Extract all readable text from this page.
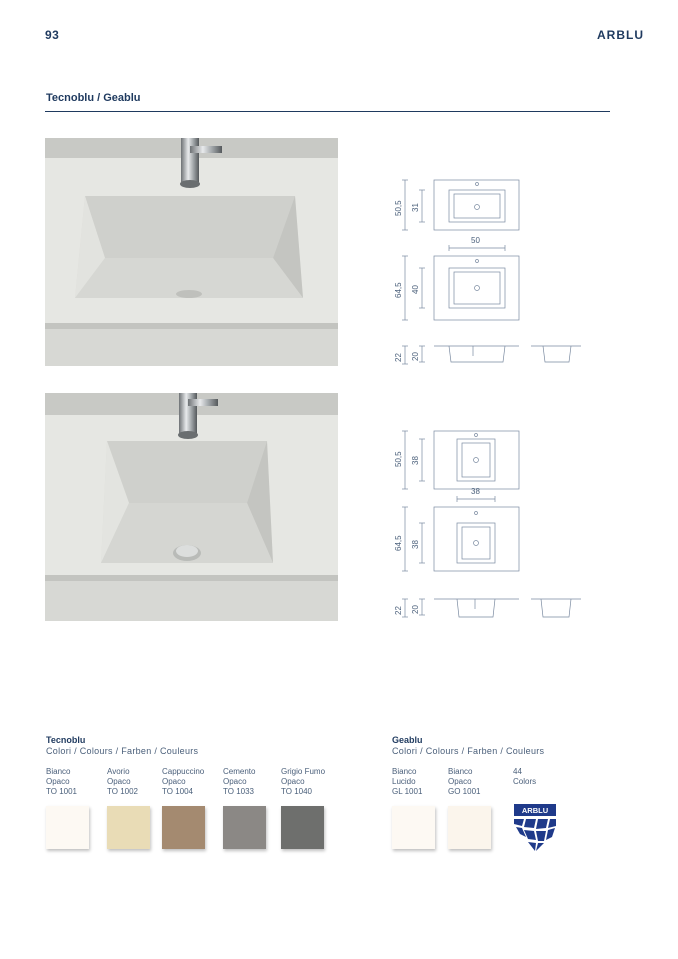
93	ARBLU
Tecnoblu / Geablu
50,5 31
50
64,5 40
22 20
50,5 38
38
64,5 38
22 20
Tecnoblu
Colori / Colours / Farben / Couleurs
Bianco
Opaco
TO 1001
Avorio
Opaco
TO 1002
Cappuccino
Opaco
TO 1004
Cemento
Opaco
TO 1033
Grigio Fumo
Opaco
TO 1040
Geablu
Colori / Colours / Farben / Couleurs
Bianco
Lucido
GL 1001
Bianco
Opaco
GO 1001
44
Colors
ARBLU
